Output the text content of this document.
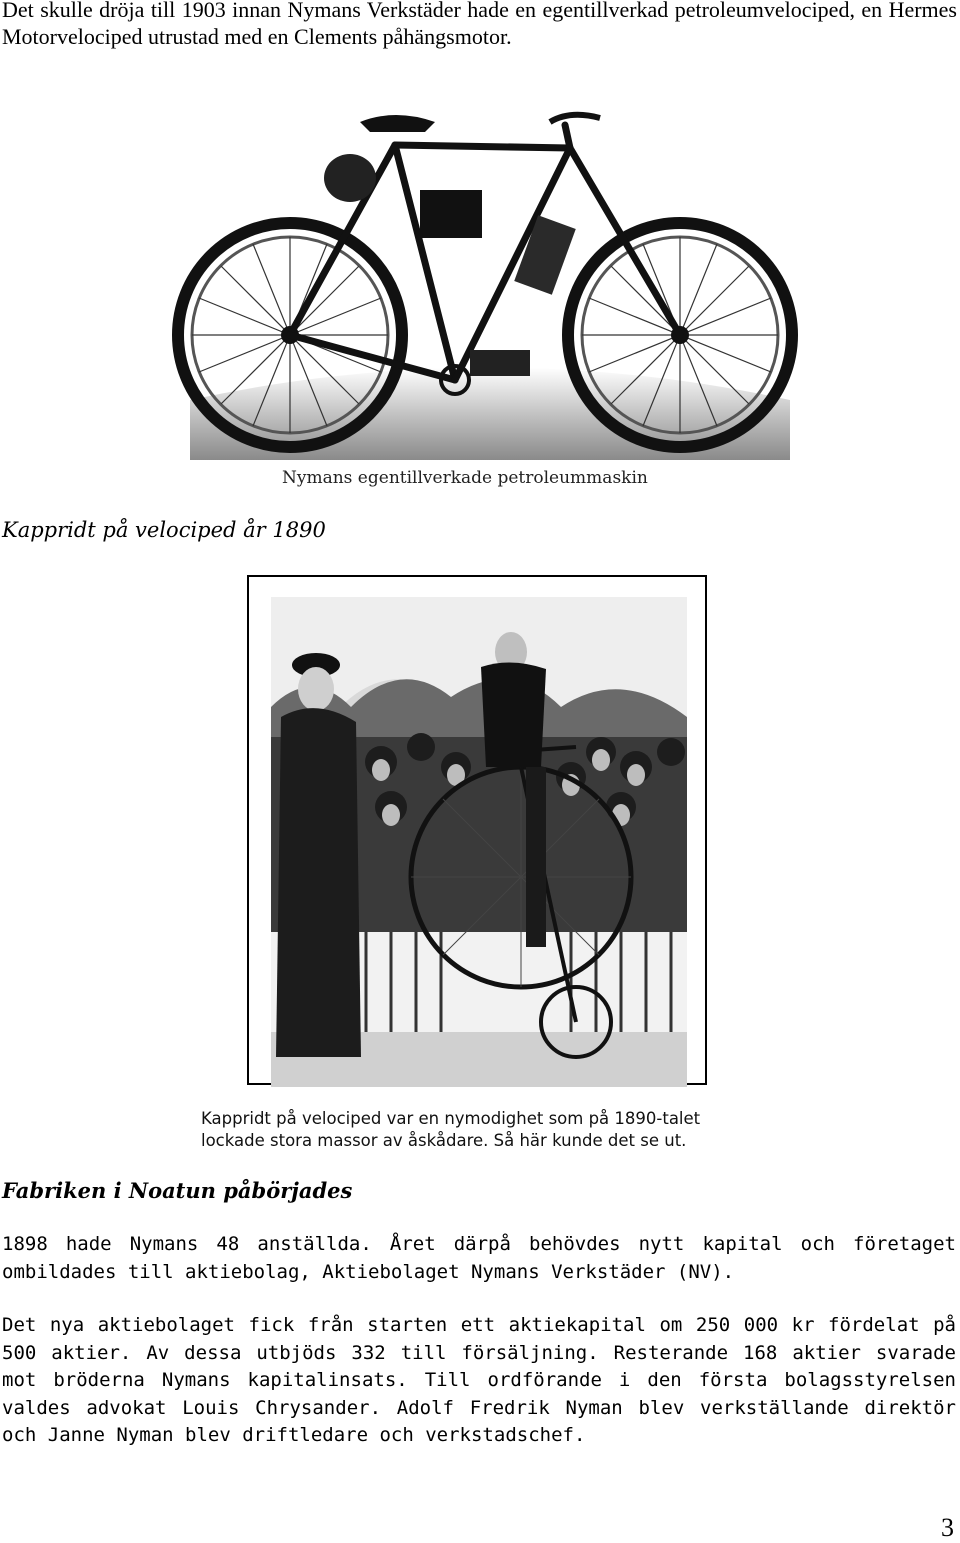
Det skulle dröja till 1903 innan Nymans Verkstäder hade en egentillverkad petroleumvelociped, en Hermes Motorvelociped utrustad med en Clements påhängsmotor.

Nymans egentillverkade petroleummaskin

Kappridt på velociped år 1890

Kappridt på velociped var en nymodighet som på 1890-talet
lockade stora massor av åskådare. Så här kunde det se ut.

Fabriken i Noatun påbörjades

1898 hade Nymans 48 anställda. Året därpå behövdes nytt kapital och företaget ombildades till aktiebolag, Aktiebolaget Nymans Verkstäder (NV).

Det nya aktiebolaget fick från starten ett aktiekapital om 250 000 kr fördelat på 500 aktier. Av dessa utbjöds 332 till försäljning. Resterande 168 aktier svarade mot bröderna Nymans kapitalinsats. Till ordförande i den första bolagsstyrelsen valdes advokat Louis Chrysander. Adolf Fredrik Nyman blev verkställande direktör och Janne Nyman blev driftledare och verkstadschef.

3
